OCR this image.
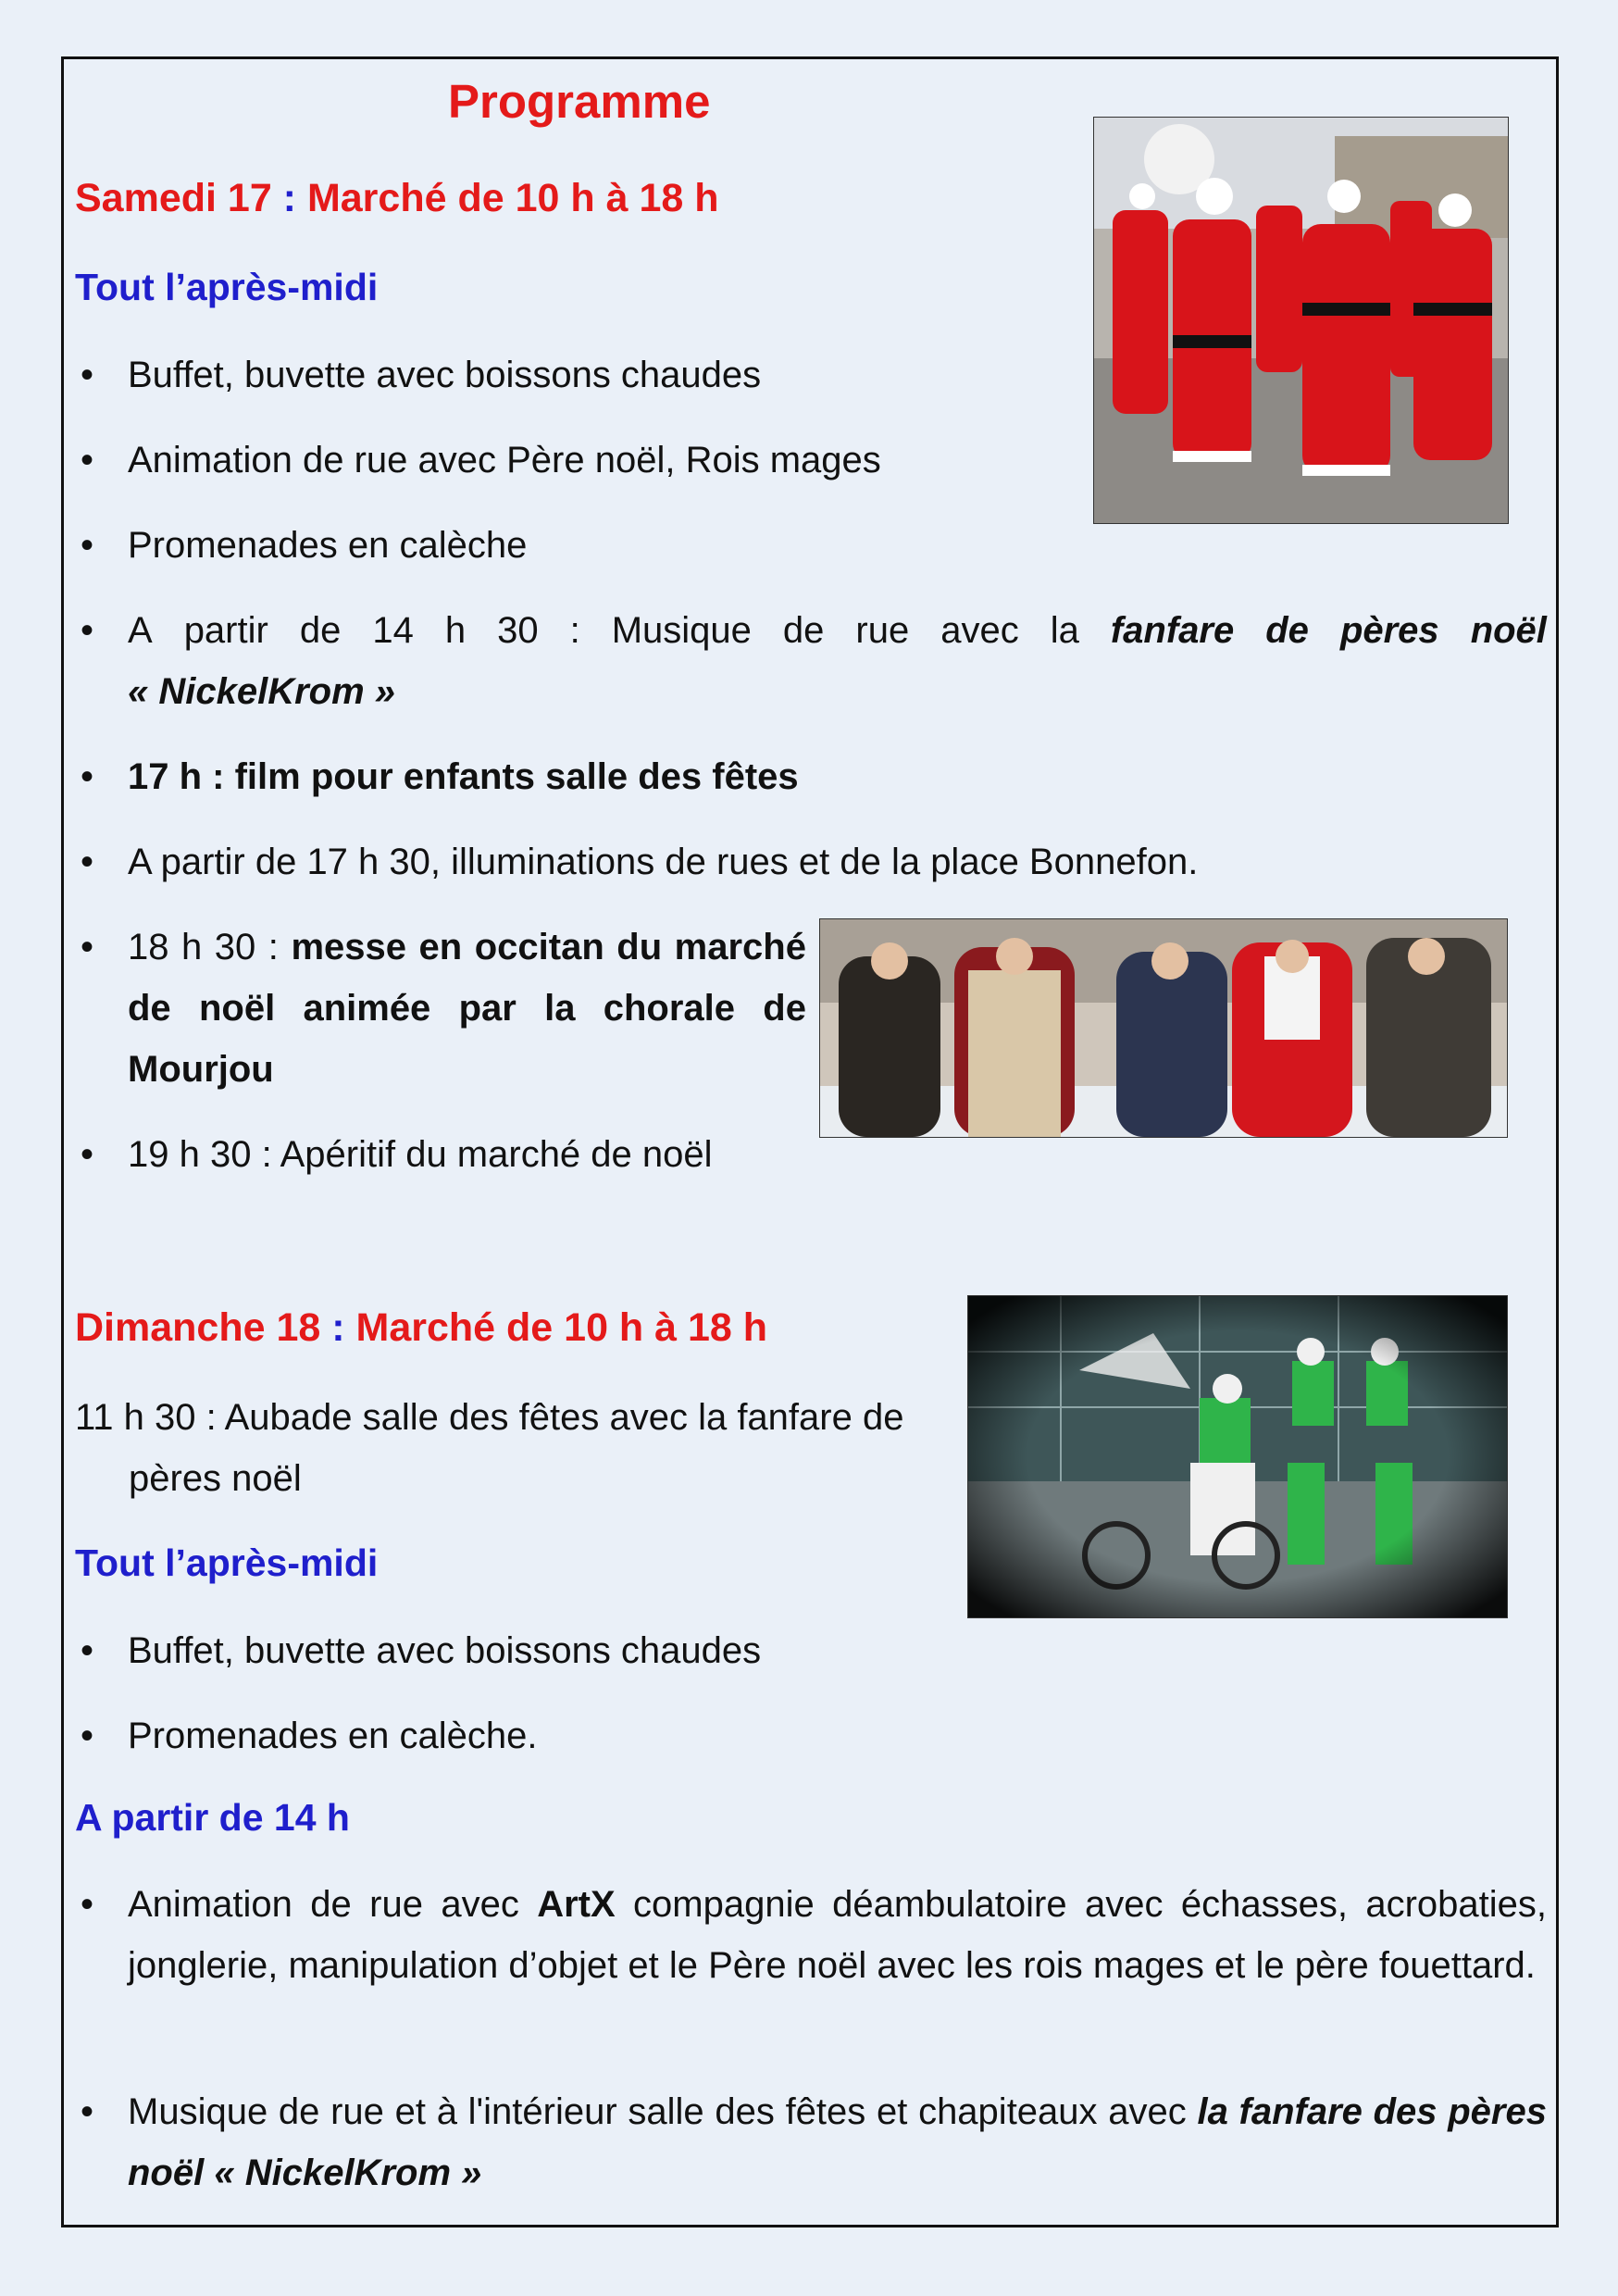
Programme
Samedi 17 : Marché de 10 h à 18 h
Tout l’après-midi
• Buffet, buvette avec boissons chaudes
• Animation de rue avec Père noël, Rois mages
• Promenades en calèche
• A partir de 14 h 30 : Musique de rue avec la fanfare de pères noël
« NickelKrom »
• 17 h : film pour enfants salle des fêtes
• A partir de 17 h 30, illuminations de rues et de la place Bonnefon.
• 18 h 30 : messe en occitan du marché
de noël animée par la chorale de
Mourjou
• 19 h 30 : Apéritif du marché de noël
Dimanche 18 : Marché de 10 h à 18 h
11 h 30 : Aubade salle des fêtes avec la fanfare de
pères noël
Tout l’après-midi
• Buffet, buvette avec boissons chaudes
• Promenades en calèche.
A partir de 14 h
• Animation de rue avec ArtX compagnie déambulatoire avec échasses, acrobaties, jonglerie, manipulation d’objet et le Père noël avec les rois mages et le père fouettard.
• Musique de rue et à l'intérieur salle des fêtes et chapiteaux avec la fanfare des pères noël « NickelKrom »
